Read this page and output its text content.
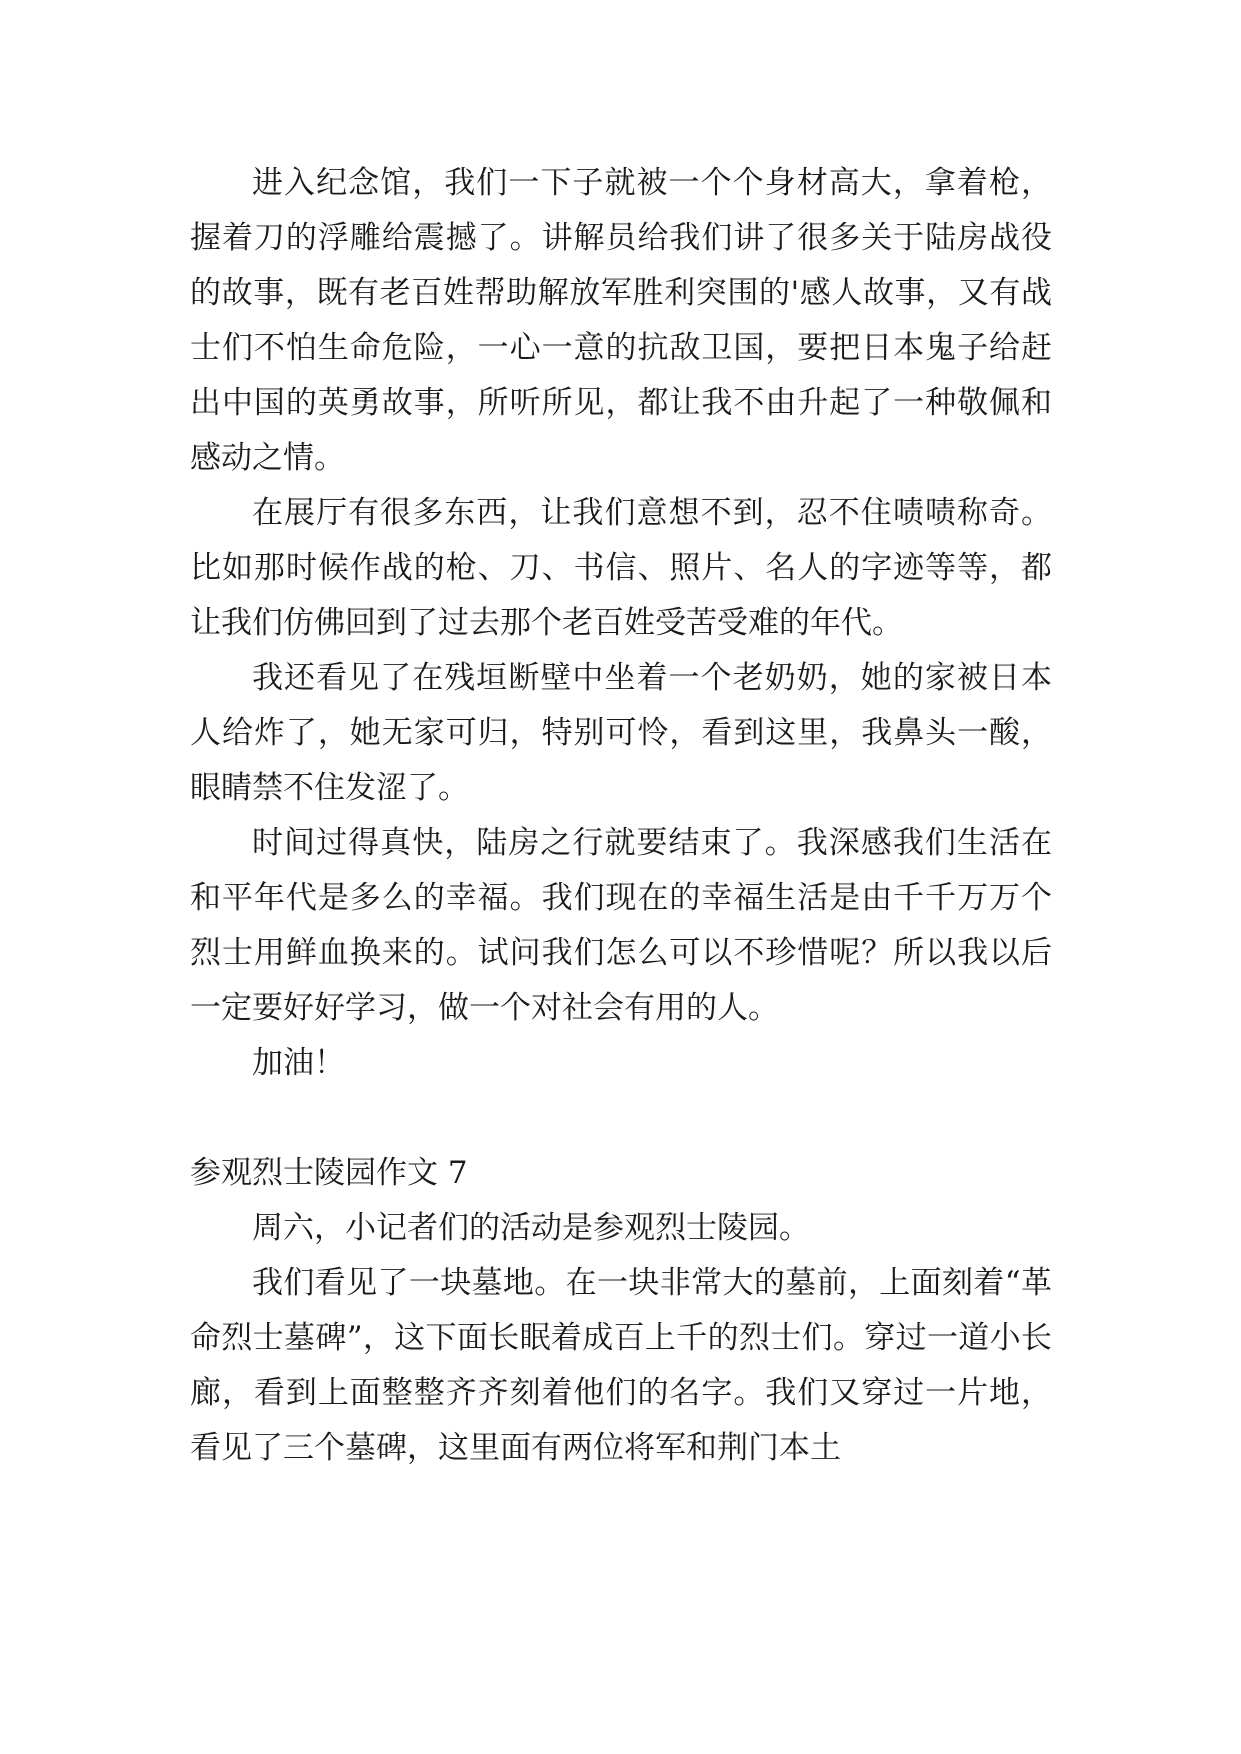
进入纪念馆，我们一下子就被一个个身材高大，拿着枪，握着刀的浮雕给震撼了。讲解员给我们讲了很多关于陆房战役的故事，既有老百姓帮助解放军胜利突围的'感人故事，又有战士们不怕生命危险，一心一意的抗敌卫国，要把日本鬼子给赶出中国的英勇故事，所听所见，都让我不由升起了一种敬佩和感动之情。

在展厅有很多东西，让我们意想不到，忍不住啧啧称奇。比如那时候作战的枪、刀、书信、照片、名人的字迹等等，都让我们仿佛回到了过去那个老百姓受苦受难的年代。

我还看见了在残垣断壁中坐着一个老奶奶，她的家被日本人给炸了，她无家可归，特别可怜，看到这里，我鼻头一酸，眼睛禁不住发涩了。

时间过得真快，陆房之行就要结束了。我深感我们生活在和平年代是多么的幸福。我们现在的幸福生活是由千千万万个烈士用鲜血换来的。试问我们怎么可以不珍惜呢？所以我以后一定要好好学习，做一个对社会有用的人。

加油！

参观烈士陵园作文 7

周六，小记者们的活动是参观烈士陵园。

我们看见了一块墓地。在一块非常大的墓前，上面刻着“革命烈士墓碑”，这下面长眠着成百上千的烈士们。穿过一道小长廊，看到上面整整齐齐刻着他们的名字。我们又穿过一片地，看见了三个墓碑，这里面有两位将军和荆门本土
